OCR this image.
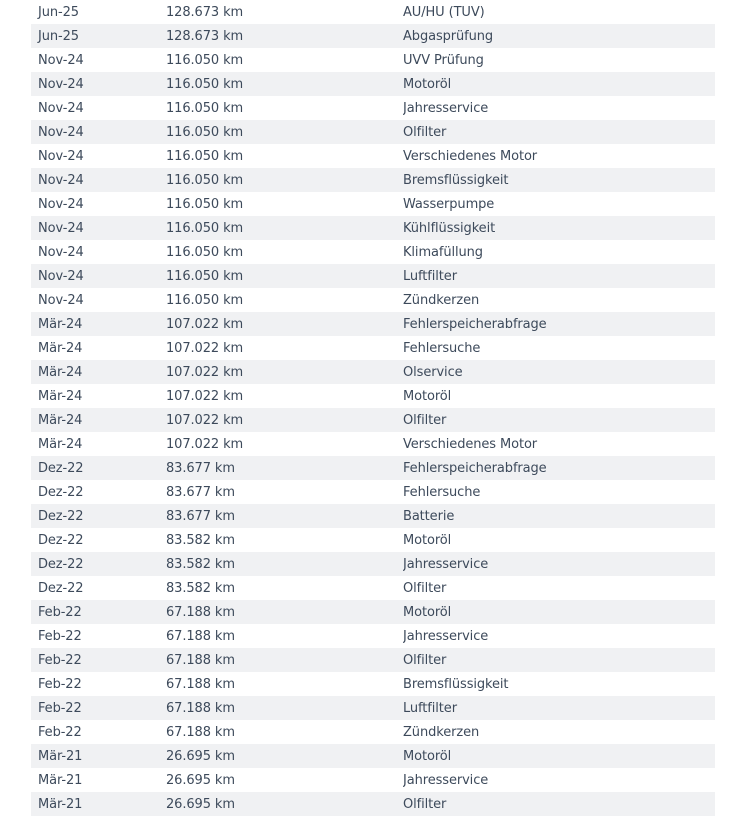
Jun-25	128.673 km	AU/HU (TÜV)
Jun-25	128.673 km	Abgasprüfung
Nov-24	116.050 km	UVV Prüfung
Nov-24	116.050 km	Motoröl
Nov-24	116.050 km	Jahresservice
Nov-24	116.050 km	Ölfilter
Nov-24	116.050 km	Verschiedenes Motor
Nov-24	116.050 km	Bremsflüssigkeit
Nov-24	116.050 km	Wasserpumpe
Nov-24	116.050 km	Kühlflüssigkeit
Nov-24	116.050 km	Klimafüllung
Nov-24	116.050 km	Luftfilter
Nov-24	116.050 km	Zündkerzen
Mär-24	107.022 km	Fehlerspeicherabfrage
Mär-24	107.022 km	Fehlersuche
Mär-24	107.022 km	Ölservice
Mär-24	107.022 km	Motoröl
Mär-24	107.022 km	Ölfilter
Mär-24	107.022 km	Verschiedenes Motor
Dez-22	83.677 km	Fehlerspeicherabfrage
Dez-22	83.677 km	Fehlersuche
Dez-22	83.677 km	Batterie
Dez-22	83.582 km	Motoröl
Dez-22	83.582 km	Jahresservice
Dez-22	83.582 km	Ölfilter
Feb-22	67.188 km	Motoröl
Feb-22	67.188 km	Jahresservice
Feb-22	67.188 km	Ölfilter
Feb-22	67.188 km	Bremsflüssigkeit
Feb-22	67.188 km	Luftfilter
Feb-22	67.188 km	Zündkerzen
Mär-21	26.695 km	Motoröl
Mär-21	26.695 km	Jahresservice
Mär-21	26.695 km	Ölfilter
